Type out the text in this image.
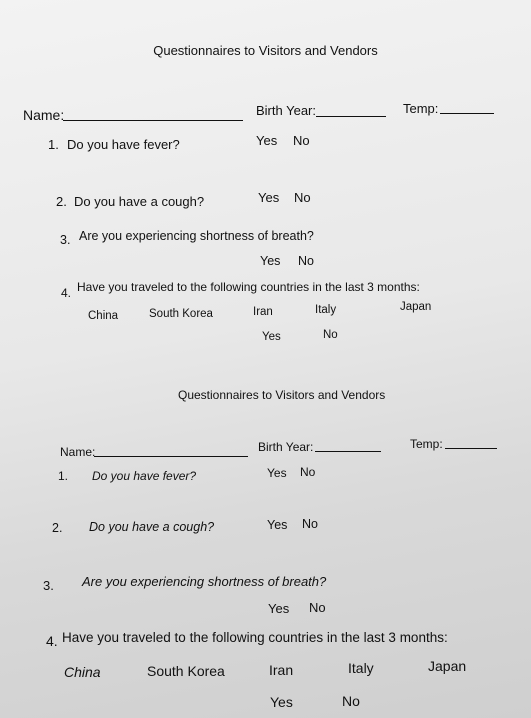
Questionnaires to Visitors and Vendors
Name:	Birth Year:	Temp:
1. Do you have fever?	Yes No
2. Do you have a cough?	Yes No
3. Are you experiencing shortness of breath?
Yes No
4. Have you traveled to the following countries in the last 3 months:
China	South Korea	Iran	Italy	Japan
Yes	No
Questionnaires to Visitors and Vendors
Name:	Birth Year:	Temp:
1. Do you have fever?	Yes No
2. Do you have a cough?	Yes No
3. Are you experiencing shortness of breath?
Yes No
4. Have you traveled to the following countries in the last 3 months:
China	South Korea	Iran	Italy	Japan
Yes	No
